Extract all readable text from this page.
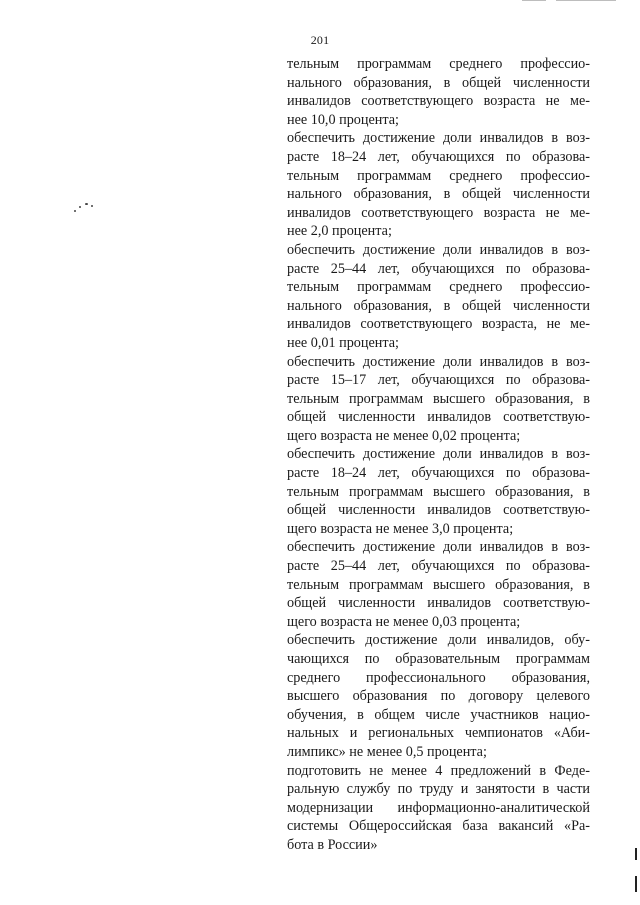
201
тельным программам среднего профессио-
нального образования, в общей численности
инвалидов соответствующего возраста не ме-
нее 10,0 процента;
обеспечить достижение доли инвалидов в воз-
расте 18–24 лет, обучающихся по образова-
тельным программам среднего профессио-
нального образования, в общей численности
инвалидов соответствующего возраста не ме-
нее 2,0 процента;
обеспечить достижение доли инвалидов в воз-
расте 25–44 лет, обучающихся по образова-
тельным программам среднего профессио-
нального образования, в общей численности
инвалидов соответствующего возраста, не ме-
нее 0,01 процента;
обеспечить достижение доли инвалидов в воз-
расте 15–17 лет, обучающихся по образова-
тельным программам высшего образования, в
общей численности инвалидов соответствую-
щего возраста не менее 0,02 процента;
обеспечить достижение доли инвалидов в воз-
расте 18–24 лет, обучающихся по образова-
тельным программам высшего образования, в
общей численности инвалидов соответствую-
щего возраста не менее 3,0 процента;
обеспечить достижение доли инвалидов в воз-
расте 25–44 лет, обучающихся по образова-
тельным программам высшего образования, в
общей численности инвалидов соответствую-
щего возраста не менее 0,03 процента;
обеспечить достижение доли инвалидов, обу-
чающихся по образовательным программам
среднего профессионального образования,
высшего образования по договору целевого
обучения, в общем числе участников нацио-
нальных и региональных чемпионатов «Аби-
лимпикс» не менее 0,5 процента;
подготовить не менее 4 предложений в Феде-
ральную службу по труду и занятости в части
модернизации информационно-аналитической
системы Общероссийская база вакансий «Ра-
бота в России»
